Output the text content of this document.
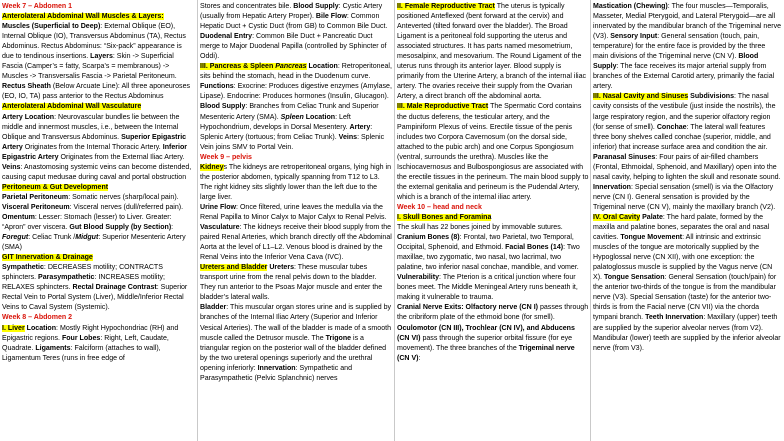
Week 7 – Abdomen 1
Anterolateral Abdominal Wall Muscles & Layers:

Muscles (Superficial to Deep): External Oblique (EO), Internal Oblique (IO), Transversus Abdominus (TA), Rectus Abdominus. Rectus Abdominus: “Six-pack” appearance is due to tendinous insertions. Layers: Skin -> Superficial Fascia (Camper’s = fatty, Scarpa’s = membranous) -> Muscles -> Transversalis Fascia -> Parietal Peritoneum. Rectus Sheath (Below Arcuate Line): All three aponeuroses (EO, IO, TA) pass anterior to the Rectus Abdominus

Anterolateral Abdominal Wall Vasculature

Artery Location: Neurovascular bundles lie between the middle and innermost muscles, i.e., between the Internal Oblique and Transversus Abdominus. Superior Epigastric Artery Originates from the Internal Thoracic Artery. Inferior Epigastric Artery Originates from the External Iliac Artery. Veins: Anastomosing systemic veins can become distended, causing caput medusae during caval and portal obstruction

Peritoneum & Gut Development

Parietal Peritoneum: Somatic nerves (sharp/local pain). Visceral Peritoneum: Visceral nerves (dull/referred pain). Omentum: Lesser: Stomach (lesser) to Liver. Greater: “Apron” over viscera. Gut Blood Supply (by Section): Foregut: Celiac Trunk /Midgut: Superior Mesenteric Artery (SMA)

GIT Innervation & Drainage

Sympathetic: DECREASES motility; CONTRACTS sphincters. Parasympathetic: INCREASES motility; RELAXES sphincters. Rectal Drainage Contrast: Superior Rectal Vein to Portal System (Liver), Middle/Inferior Rectal Veins to Caval System (Systemic).

Week 8 – Abdomen 2

I. Liver Location: Mostly Right Hypochondriac (RH) and Epigastric regions. Four Lobes: Right, Left, Caudate, Quadrate. Ligaments: Falciform (attaches to wall), Ligamentum Teres (runs in free edge of

Stores and concentrates bile. Blood Supply: Cystic Artery (usually from Hepatic Artery Proper). Bile Flow: Common Hepatic Duct + Cystic Duct (from GB) to Common Bile Duct. Duodenal Entry: Common Bile Duct + Pancreatic Duct merge to Major Duodenal Papilla (controlled by Sphincter of Oddi).

III. Pancreas & Spleen Pancreas Location: Retroperitoneal, sits behind the stomach, head in the Duodenum curve. Functions: Exocrine: Produces digestive enzymes (Amylase, Lipase). Endocrine: Produces hormones (Insulin, Glucagon). Blood Supply: Branches from Celiac Trunk and Superior Mesenteric Artery (SMA). Spleen Location: Left Hypochondrium, develops in Dorsal Mesentery. Artery: Splenic Artery (tortuous; from Celiac Trunk). Veins: Splenic Vein joins SMV to Portal Vein.

Week 9 – pelvis

Kidneys The kidneys are retroperitoneal organs, lying high in the posterior abdomen, typically spanning from T12 to L3. The right kidney sits slightly lower than the left due to the large liver.

Urine Flow: Once filtered, urine leaves the medulla via the Renal Papilla to Minor Calyx to Major Calyx to Renal Pelvis. Vasculature: The kidneys receive their blood supply from the paired Renal Arteries, which branch directly off the Abdominal Aorta at the level of L1–L2. Venous blood is drained by the Renal Veins into the Inferior Vena Cava (IVC).

Ureters and Bladder Ureters: These muscular tubes transport urine from the renal pelvis down to the bladder. They run anterior to the Psoas Major muscle and enter the bladder’s lateral walls.

Bladder: This muscular organ stores urine and is supplied by branches of the Internal Iliac Artery (Superior and Inferior Vesical Arteries). The wall of the bladder is made of a smooth muscle called the Detrusor muscle. The Trigone is a triangular region on the posterior wall of the bladder defined by the two ureteral openings superiorly and the urethral opening inferiorly: Innervation: Sympathetic and Parasympathetic (Pelvic Splanchnic) nerves

II. Female Reproductive Tract The uterus is typically positioned Anteflexed (bent forward at the cervix) and Anteverted (tilted forward over the bladder). The Broad Ligament is a peritoneal fold supporting the uterus and associated structures. It has parts named mesometrium, mesosalpinx, and mesovarium. The Round Ligament of the uterus runs through its anterior layer. Blood supply is primarily from the Uterine Artery, a branch of the internal iliac artery. The ovaries receive their supply from the Ovarian Artery, a direct branch off the abdominal aorta.

III. Male Reproductive Tract The Spermatic Cord contains the ductus deferens, the testicular artery, and the Pampiniform Plexus of veins. Erectile tissue of the penis includes two Corpora Cavernosum (on the dorsal side, attached to the pubic arch) and one Corpus Spongiosum (ventral, surrounds the urethra). Muscles like the Ischiocavernosus and Bulbospongiosus are associated with the erectile tissues in the perineum. The main blood supply to the external genitalia and perineum is the Pudendal Artery, which is a branch of the internal iliac artery.

Week 10 – head and neck
I. Skull Bones and Foramina

The skull has 22 bones joined by immovable sutures. Cranium Bones (8): Frontal, two Parietal, two Temporal, Occipital, Sphenoid, and Ethmoid. Facial Bones (14): Two maxillae, two zygomatic, two nasal, two lacrimal, two palatine, two inferior nasal conchae, mandible, and vomer. Vulnerability: The Pterion is a critical junction where four bones meet. The Middle Meningeal Artery runs beneath it, making it vulnerable to trauma.

Cranial Nerve Exits: Olfactory nerve (CN I) passes through the cribriform plate of the ethmoid bone (for smell). Oculomotor (CN III), Trochlear (CN IV), and Abducens (CN VI) pass through the superior orbital fissure (for eye movement). The three branches of the Trigeminal nerve (CN V):

Mastication (Chewing): The four muscles—Temporalis, Masseter, Medial Pterygoid, and Lateral Pterygoid—are all innervated by the mandibular branch of the Trigeminal nerve (V3). Sensory Input: General sensation (touch, pain, temperature) for the entire face is provided by the three main divisions of the Trigeminal nerve (CN V). Blood Supply: The face receives its major arterial supply from branches of the External Carotid artery, primarily the facial artery.

III. Nasal Cavity and Sinuses Subdivisions: The nasal cavity consists of the vestibule (just inside the nostrils), the large respiratory region, and the superior olfactory region (for sense of smell). Conchae: The lateral wall features three bony shelves called conchae (superior, middle, and inferior) that increase surface area and condition the air. Paranasal Sinuses: Four pairs of air-filled chambers (Frontal, Ethmoidal, Sphenoid, and Maxillary) open into the nasal cavity, helping to lighten the skull and resonate sound. Innervation: Special sensation (smell) is via the Olfactory nerve (CN I). General sensation is provided by the Trigeminal nerve (CN V), mainly the maxillary branch (V2).

IV. Oral Cavity Palate: The hard palate, formed by the maxilla and palatine bones, separates the oral and nasal cavities. Tongue Movement: All intrinsic and extrinsic muscles of the tongue are motorically supplied by the Hypoglossal nerve (CN XII), with one exception: the palatoglossus muscle is supplied by the Vagus nerve (CN X). Tongue Sensation: General Sensation (touch/pain) for the anterior two-thirds of the tongue is from the mandibular nerve (V3). Special Sensation (taste) for the anterior two-thirds is from the Facial nerve (CN VII) via the chorda tympani branch. Teeth Innervation: Maxillary (upper) teeth are supplied by the superior alveolar nerves (from V2). Mandibular (lower) teeth are supplied by the inferior alveolar nerve (from V3).
